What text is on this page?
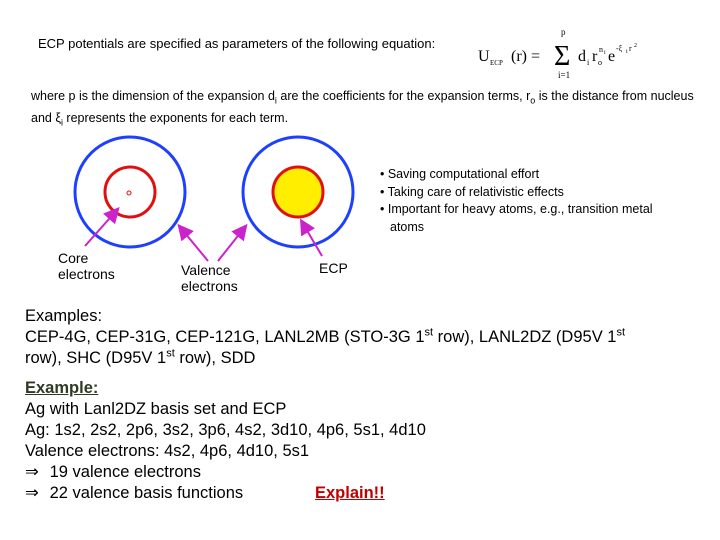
ECP potentials are specified as parameters of the following equation:
U ECP (r) =
p
Σ
i=1
d i r o
n i e -ξ i r 2
where p is the dimension of the expansion $d_i$ are the coefficients for the expansion terms, $r_o$ is the distance from nucleus and $\xi_i$ represents the exponents for each term.
Core
electrons	Valence
electrons
ECP
• Saving computational effort
• Taking care of relativistic effects
• Important for heavy atoms, e.g., transition metal
atoms
Examples:
CEP-4G, CEP-31G, CEP-121G, LANL2MB (STO-3G 1st row), LANL2DZ (D95V 1st
row), SHC (D95V 1st row), SDD
Example:
Ag with Lanl2DZ basis set and ECP
Ag: 1s2, 2s2, 2p6, 3s2, 3p6, 4s2, 3d10, 4p6, 5s1, 4d10
Valence electrons: 4s2, 4p6, 4d10, 5s1
⇒ 19 valence electrons
⇒ 22 valence basis functions	Explain!!
